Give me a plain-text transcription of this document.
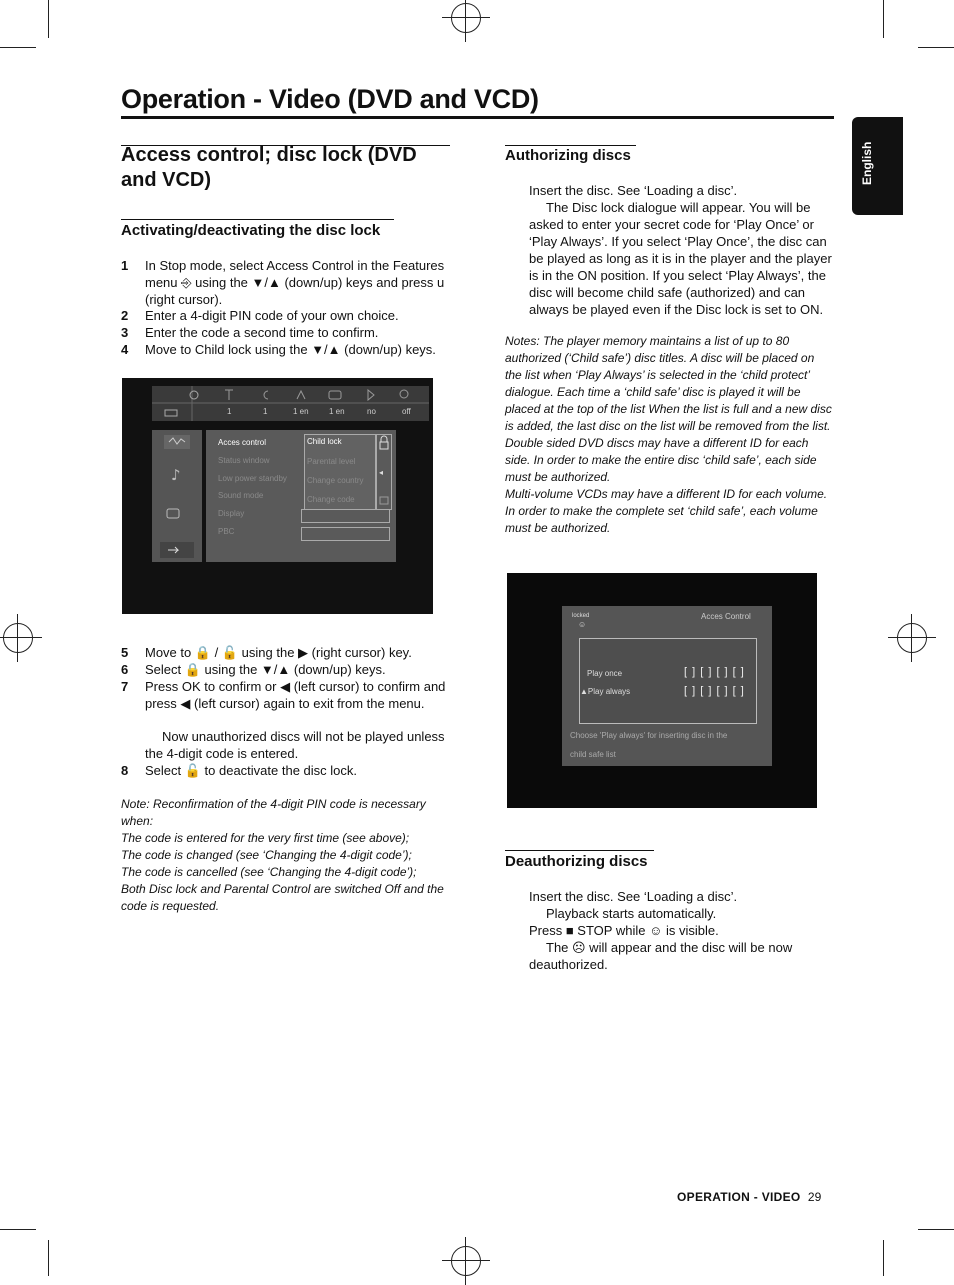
Operation - Video (DVD and VCD)
English
Access control; disc lock (DVD and VCD)
Activating/deactivating the disc lock
1 In Stop mode, select Access Control in the Features menu ⎆ using the ▼/▲ (down/up) keys and press u (right cursor).
2 Enter a 4-digit PIN code of your own choice.
3 Enter the code a second time to confirm.
4 Move to Child lock using the ▼/▲ (down/up) keys.
1	1	1 en	1 en	no	off
♪
Acces control
Status window
Low power standby
Sound mode
Display
PBC
Child lock
Parental level
Change country
Change code
◂
5 Move to 🔒 / 🔓 using the ▶ (right cursor) key.
6 Select 🔒 using the ▼/▲ (down/up) keys.
7 Press OK to confirm or ◀ (left cursor) to confirm and press ◀ (left cursor) again to exit from the menu.
Now unauthorized discs will not be played unless the 4-digit code is entered.
8 Select 🔓 to deactivate the disc lock.
Note: Reconfirmation of the 4-digit PIN code is necessary when:
The code is entered for the very first time (see above);
The code is changed (see ‘Changing the 4-digit code’);
The code is cancelled (see ‘Changing the 4-digit code’);
Both Disc lock and Parental Control are switched Off and the code is requested.
Authorizing discs
Insert the disc. See ‘Loading a disc’.
The Disc lock dialogue will appear. You will be asked to enter your secret code for ‘Play Once’ or ‘Play Always’. If you select ‘Play Once’, the disc can be played as long as it is in the player and the player is in the ON position. If you select ‘Play Always’, the disc will become child safe (authorized) and can always be played even if the Disc lock is set to ON.
Notes: The player memory maintains a list of up to 80 authorized (‘Child safe’) disc titles. A disc will be placed on the list when ‘Play Always’ is selected in the ‘child protect’ dialogue. Each time a ‘child safe’ disc is played it will be placed at the top of the list When the list is full and a new disc is added, the last disc on the list will be removed from the list.
Double sided DVD discs may have a different ID for each side. In order to make the entire disc ‘child safe’, each side must be authorized.
Multi-volume VCDs may have a different ID for each volume. In order to make the complete set ‘child safe’, each volume must be authorized.
locked
☺
Acces Control
Play once
▲Play always
[ ] [ ] [ ] [ ]
[ ] [ ] [ ] [ ]
Choose 'Play always' for inserting disc in the
child safe list
Deauthorizing discs
Insert the disc. See ‘Loading a disc’.
Playback starts automatically.
Press ■ STOP while ☺ is visible.
The ☹ will appear and the disc will be now deauthorized.
OPERATION - VIDEO 29
